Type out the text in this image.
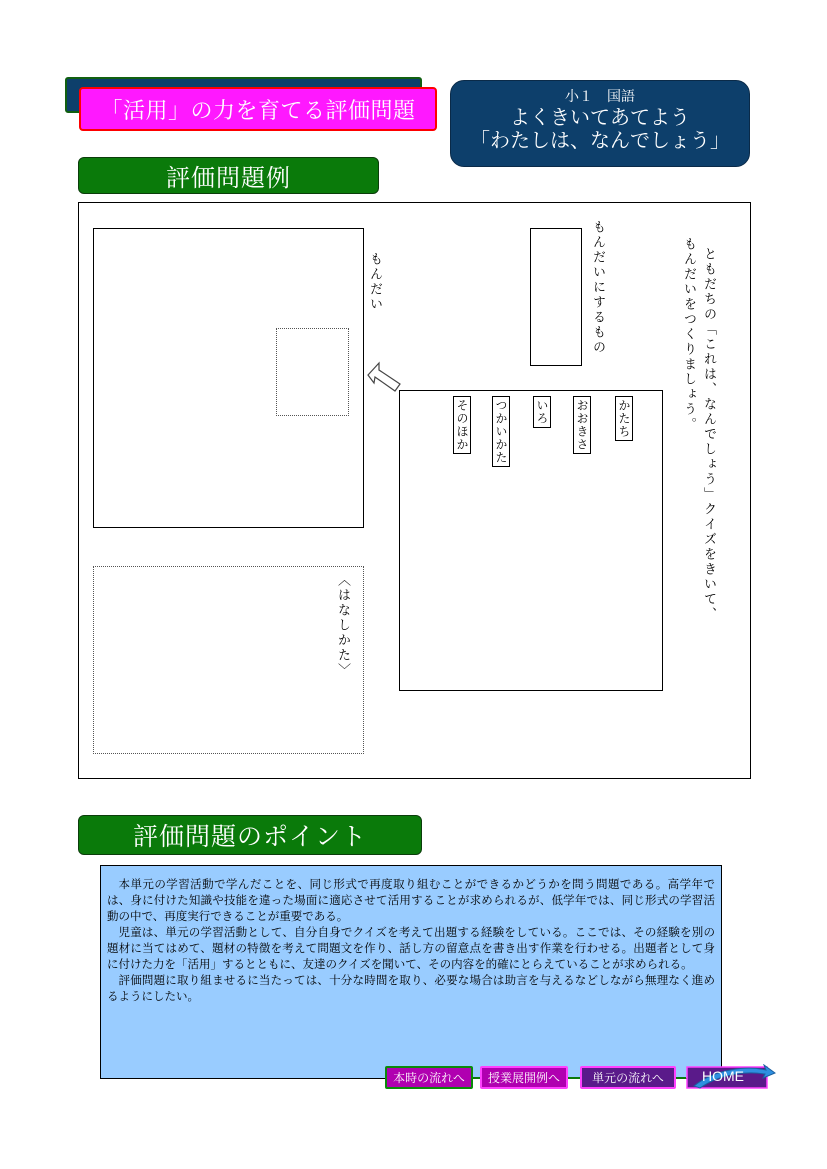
「活用」の力を育てる評価問題
小１　国語
よくきいてあてよう
「わたしは、なんでしょう」
評価問題例
もんだい	もんだいにするもの	ともだちの「これは、なんでしょう」クイズをきいて、
もんだいをつくりましょう。
〈はなしかた〉
かたち
おおきさ
いろ
つかいかた
そのほか
評価問題のポイント

本単元の学習活動で学んだことを、同じ形式で再度取り組むことができるかどうかを問う問題である。高学年では、身に付けた知識や技能を違った場面に適応させて活用することが求められるが、低学年では、同じ形式の学習活動の中で、再度実行できることが重要である。

児童は、単元の学習活動として、自分自身でクイズを考えて出題する経験をしている。ここでは、その経験を別の題材に当てはめて、題材の特徴を考えて問題文を作り、話し方の留意点を書き出す作業を行わせる。出題者として身に付けた力を「活用」するとともに、友達のクイズを聞いて、その内容を的確にとらえていることが求められる。

評価問題に取り組ませるに当たっては、十分な時間を取り、必要な場合は助言を与えるなどしながら無理なく進めるようにしたい。

本時の流れへ	授業展開例へ	単元の流れへ	HOME
